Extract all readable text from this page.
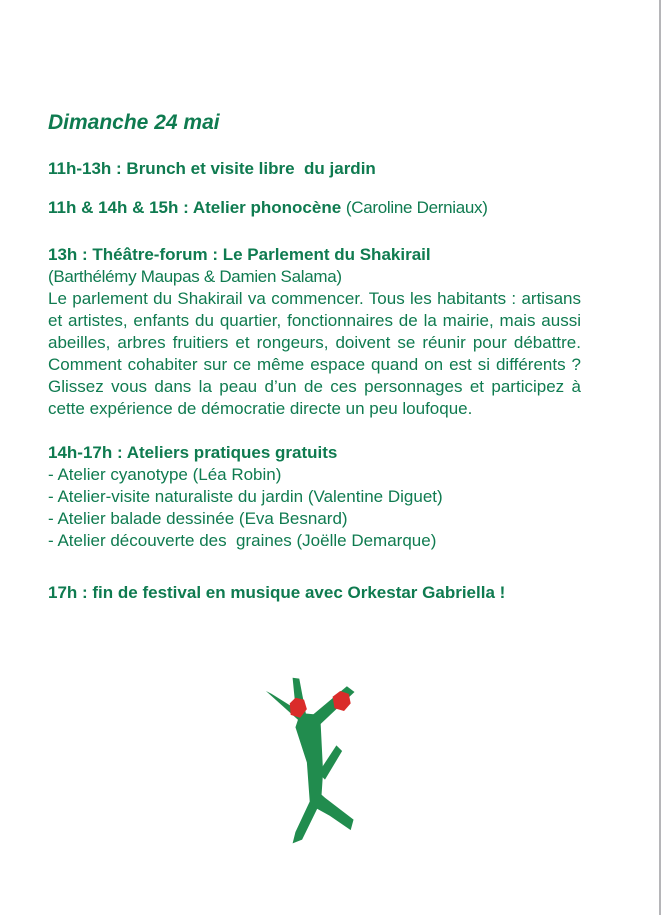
Dimanche 24 mai
11h-13h : Brunch et visite libre  du jardin
11h & 14h & 15h : Atelier phonocène (Caroline Derniaux)
13h : Théâtre-forum : Le Parlement du Shakirail
(Barthélémy Maupas & Damien Salama)

Le parlement du Shakirail va commencer. Tous les habitants : artisans et artistes, enfants du quartier, fonctionnaires de la mairie, mais aussi abeilles, arbres fruitiers et rongeurs, doivent se réunir pour débattre. Comment cohabiter sur ce même espace quand on est si différents ? Glissez vous dans la peau d’un de ces personnages et participez à cette expérience de démocratie directe un peu loufoque.

14h-17h : Ateliers pratiques gratuits
- Atelier cyanotype (Léa Robin)
- Atelier-visite naturaliste du jardin (Valentine Diguet)
- Atelier balade dessinée (Eva Besnard)
- Atelier découverte des  graines (Joëlle Demarque)
17h : fin de festival en musique avec Orkestar Gabriella !
